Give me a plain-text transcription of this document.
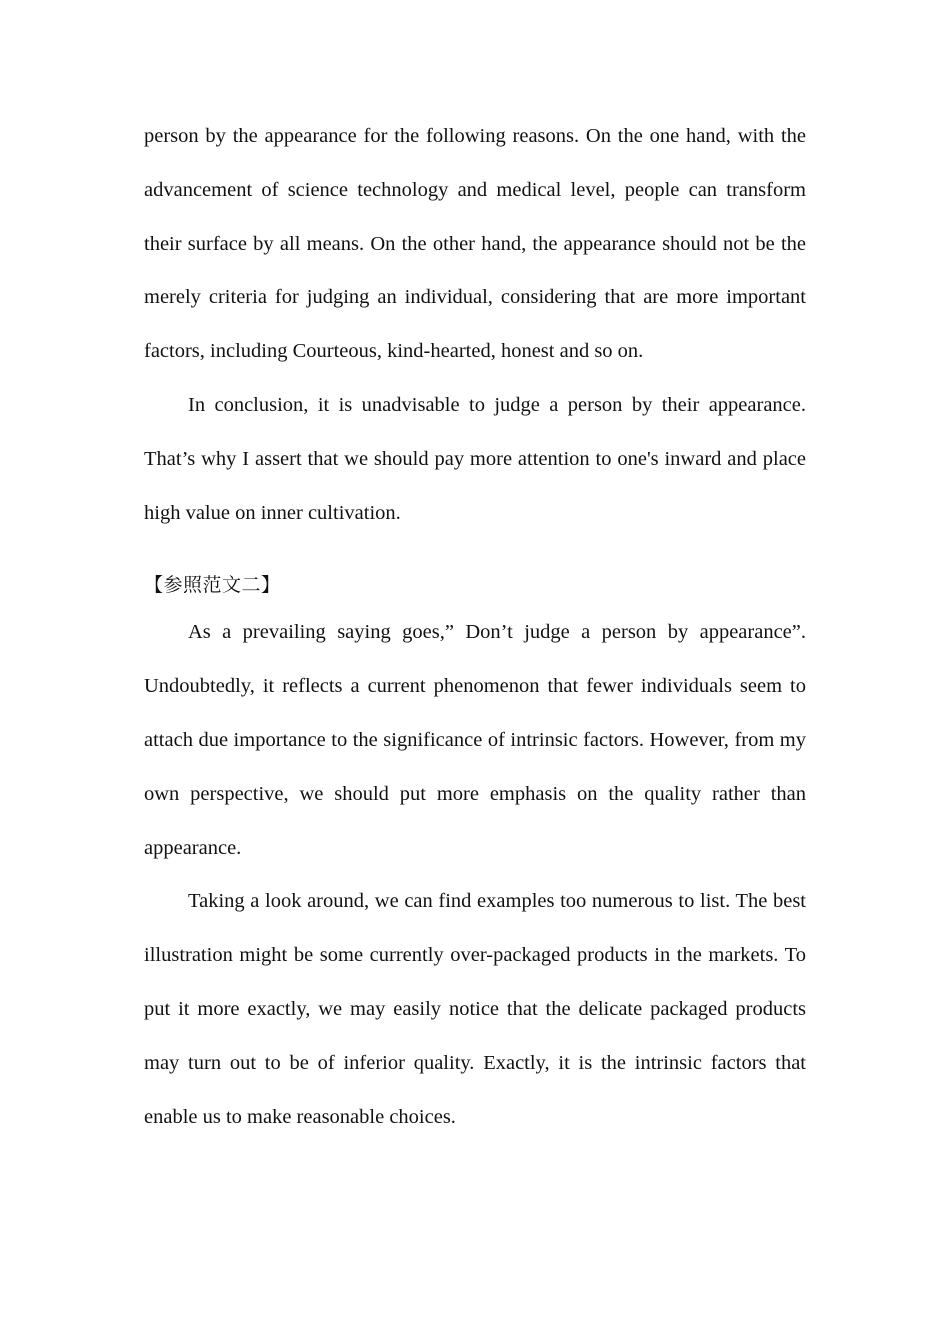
person by the appearance for the following reasons. On the one hand, with the advancement of science technology and medical level, people can transform their surface by all means. On the other hand, the appearance should not be the merely criteria for judging an individual, considering that are more important factors, including Courteous, kind-hearted, honest and so on.

In conclusion, it is unadvisable to judge a person by their appearance. That’s why I assert that we should pay more attention to one's inward and place high value on inner cultivation.

【参照范文二】

As a prevailing saying goes,” Don’t judge a person by appearance”. Undoubtedly, it reflects a current phenomenon that fewer individuals seem to attach due importance to the significance of intrinsic factors. However, from my own perspective, we should put more emphasis on the quality rather than appearance.

Taking a look around, we can find examples too numerous to list. The best illustration might be some currently over-packaged products in the markets. To put it more exactly, we may easily notice that the delicate packaged products may turn out to be of inferior quality. Exactly, it is the intrinsic factors that enable us to make reasonable choices.
